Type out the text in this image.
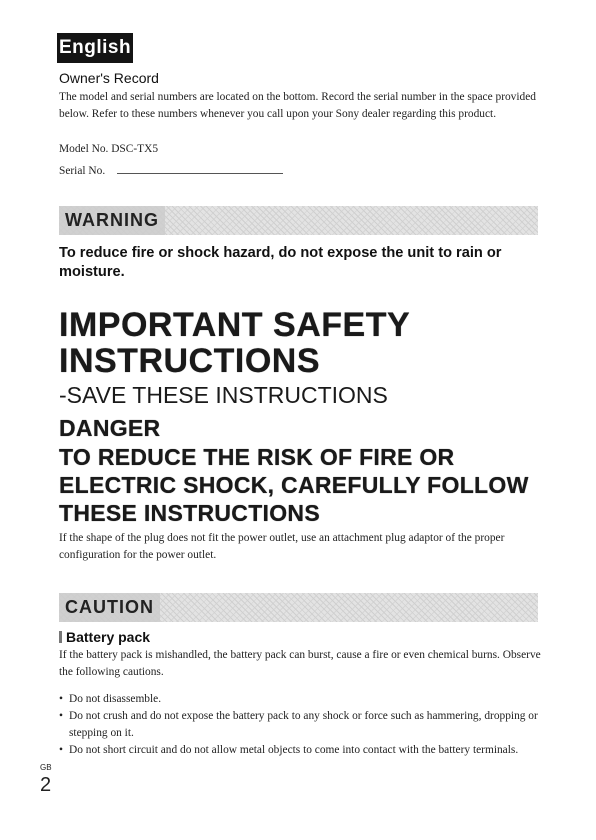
English
Owner's Record
The model and serial numbers are located on the bottom. Record the serial number in the space provided below. Refer to these numbers whenever you call upon your Sony dealer regarding this product.
Model No. DSC-TX5
Serial No.
WARNING
To reduce fire or shock hazard, do not expose the unit to rain or moisture.
IMPORTANT SAFETY
INSTRUCTIONS
-SAVE THESE INSTRUCTIONS
DANGER
TO REDUCE THE RISK OF FIRE OR
ELECTRIC SHOCK, CAREFULLY FOLLOW
THESE INSTRUCTIONS
If the shape of the plug does not fit the power outlet, use an attachment plug adaptor of the proper configuration for the power outlet.
CAUTION
Battery pack
If the battery pack is mishandled, the battery pack can burst, cause a fire or even chemical burns. Observe the following cautions.
• Do not disassemble.
• Do not crush and do not expose the battery pack to any shock or force such as hammering, dropping or stepping on it.
• Do not short circuit and do not allow metal objects to come into contact with the battery terminals.
GB
2
